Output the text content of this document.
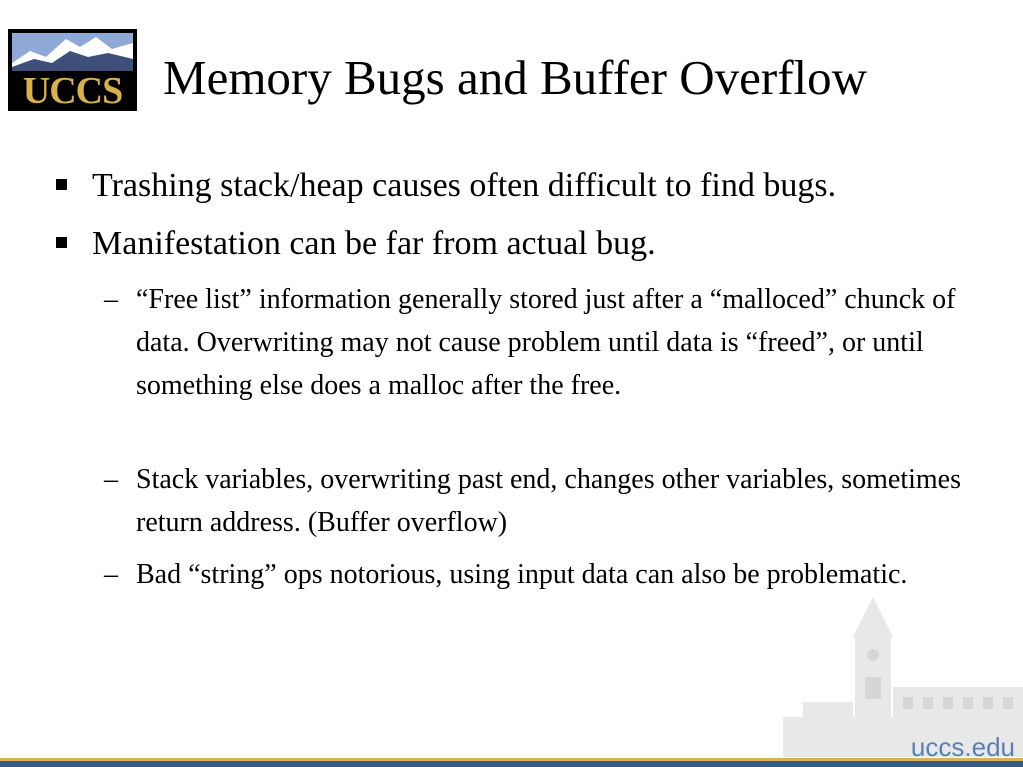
UCCS Memory Bugs and Buffer Overflow
Trashing stack/heap causes often difficult to find bugs.
Manifestation can be far from actual bug.
– “Free list” information generally stored just after a “malloced” chunck of data. Overwriting may not cause problem until data is “freed”, or until something else does a malloc after the free.
– Stack variables, overwriting past end, changes other variables, sometimes return address. (Buffer overflow)
– Bad “string” ops notorious, using input data can also be problematic.
uccs.edu
